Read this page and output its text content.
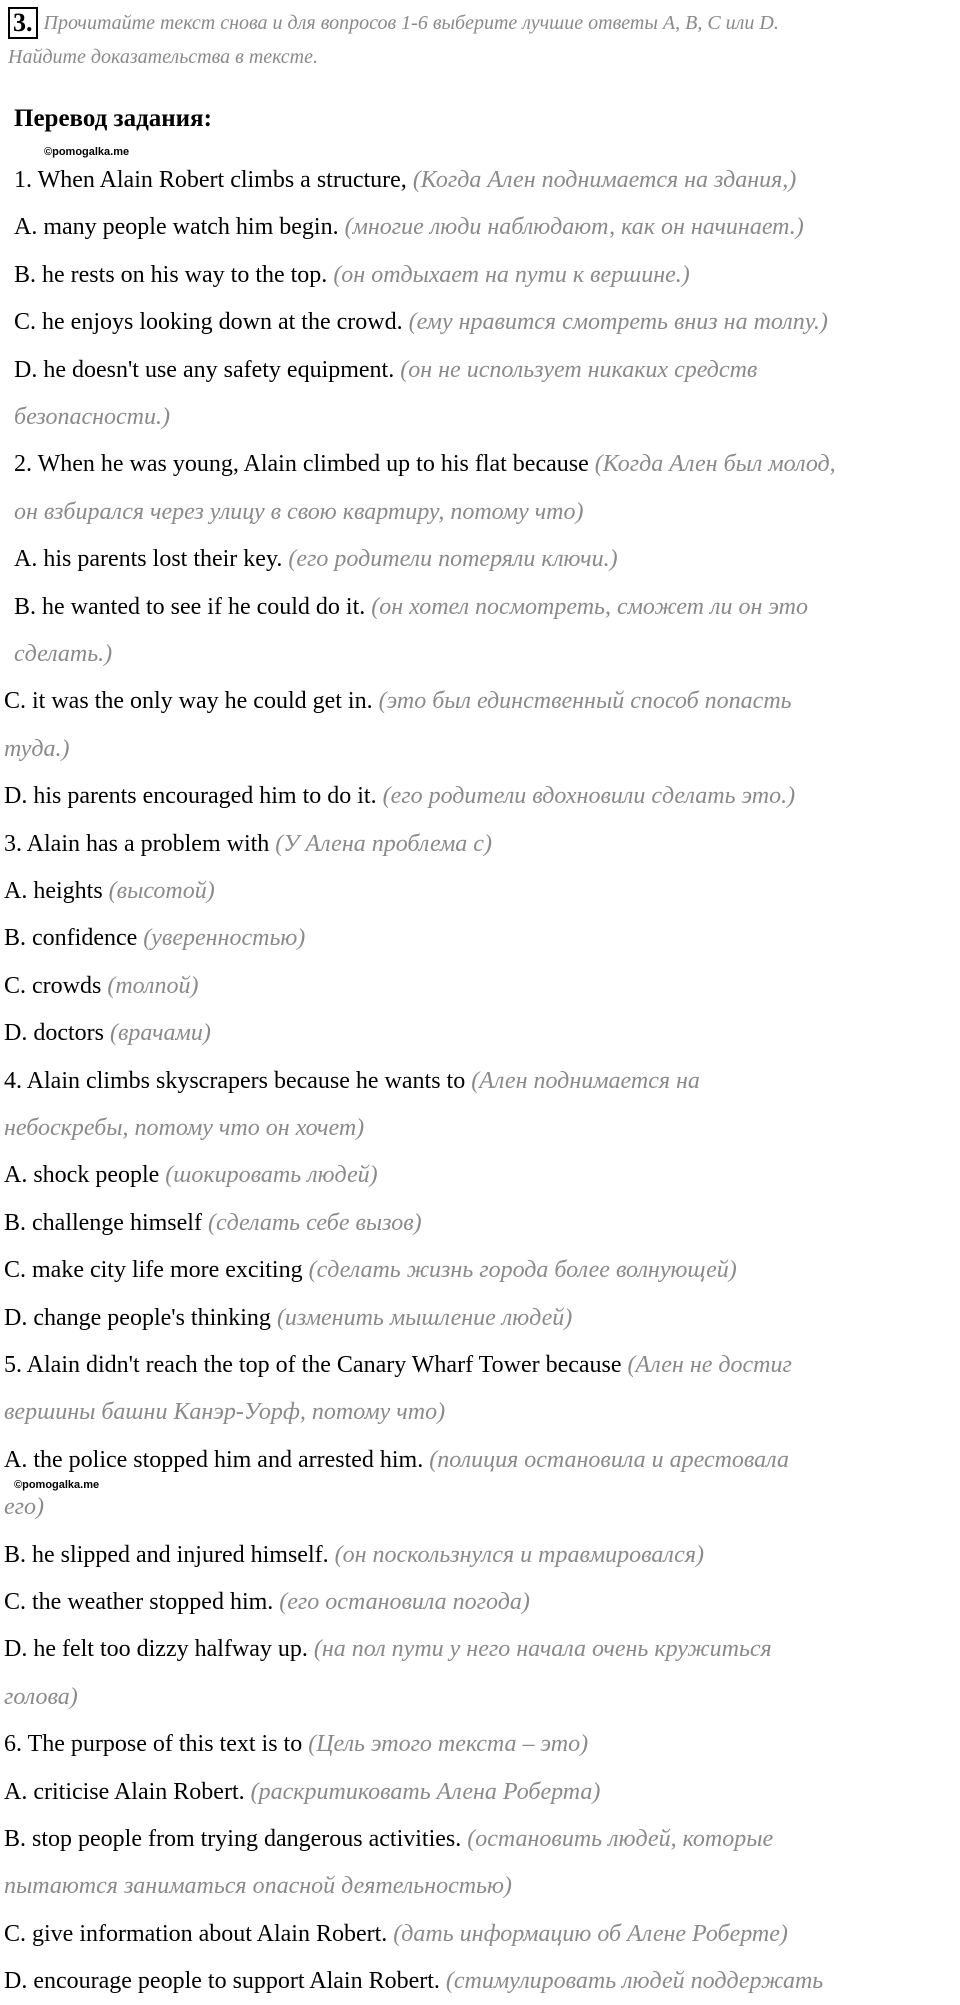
3. Прочитайте текст снова и для вопросов 1-6 выберите лучшие ответы А, B, C или D.
Найдите доказательства в тексте.
Перевод задания:
©pomogalka.me
©pomogalka.me
1. When Alain Robert climbs a structure, (Когда Ален поднимается на здания,)
A. many people watch him begin. (многие люди наблюдают, как он начинает.)
B. he rests on his way to the top. (он отдыхает на пути к вершине.)
C. he enjoys looking down at the crowd. (ему нравится смотреть вниз на толпу.)
D. he doesn't use any safety equipment. (он не использует никаких средств
безопасности.)
2. When he was young, Alain climbed up to his flat because (Когда Ален был молод,
он взбирался через улицу в свою квартиру, потому что)
A. his parents lost their key. (его родители потеряли ключи.)
B. he wanted to see if he could do it. (он хотел посмотреть, сможет ли он это
сделать.)
C. it was the only way he could get in. (это был единственный способ попасть
туда.)
D. his parents encouraged him to do it. (его родители вдохновили сделать это.)
3. Alain has a problem with (У Алена проблема с)
A. heights (высотой)
B. confidence (уверенностью)
C. crowds (толпой)
D. doctors (врачами)
4. Alain climbs skyscrapers because he wants to (Ален поднимается на
небоскребы, потому что он хочет)
A. shock people (шокировать людей)
B. challenge himself (сделать себе вызов)
C. make city life more exciting (сделать жизнь города более волнующей)
D. change people's thinking (изменить мышление людей)
5. Alain didn't reach the top of the Canary Wharf Tower because (Ален не достиг
вершины башни Канэр-Уорф, потому что)
A. the police stopped him and arrested him. (полиция остановила и арестовала
его)
B. he slipped and injured himself. (он поскользнулся и травмировался)
C. the weather stopped him. (его остановила погода)
D. he felt too dizzy halfway up. (на пол пути у него начала очень кружиться
голова)
6. The purpose of this text is to (Цель этого текста – это)
A. criticise Alain Robert. (раскритиковать Алена Роберта)
B. stop people from trying dangerous activities. (остановить людей, которые
пытаются заниматься опасной деятельностью)
C. give information about Alain Robert. (дать информацию об Алене Роберте)
D. encourage people to support Alain Robert. (стимулировать людей поддержать
